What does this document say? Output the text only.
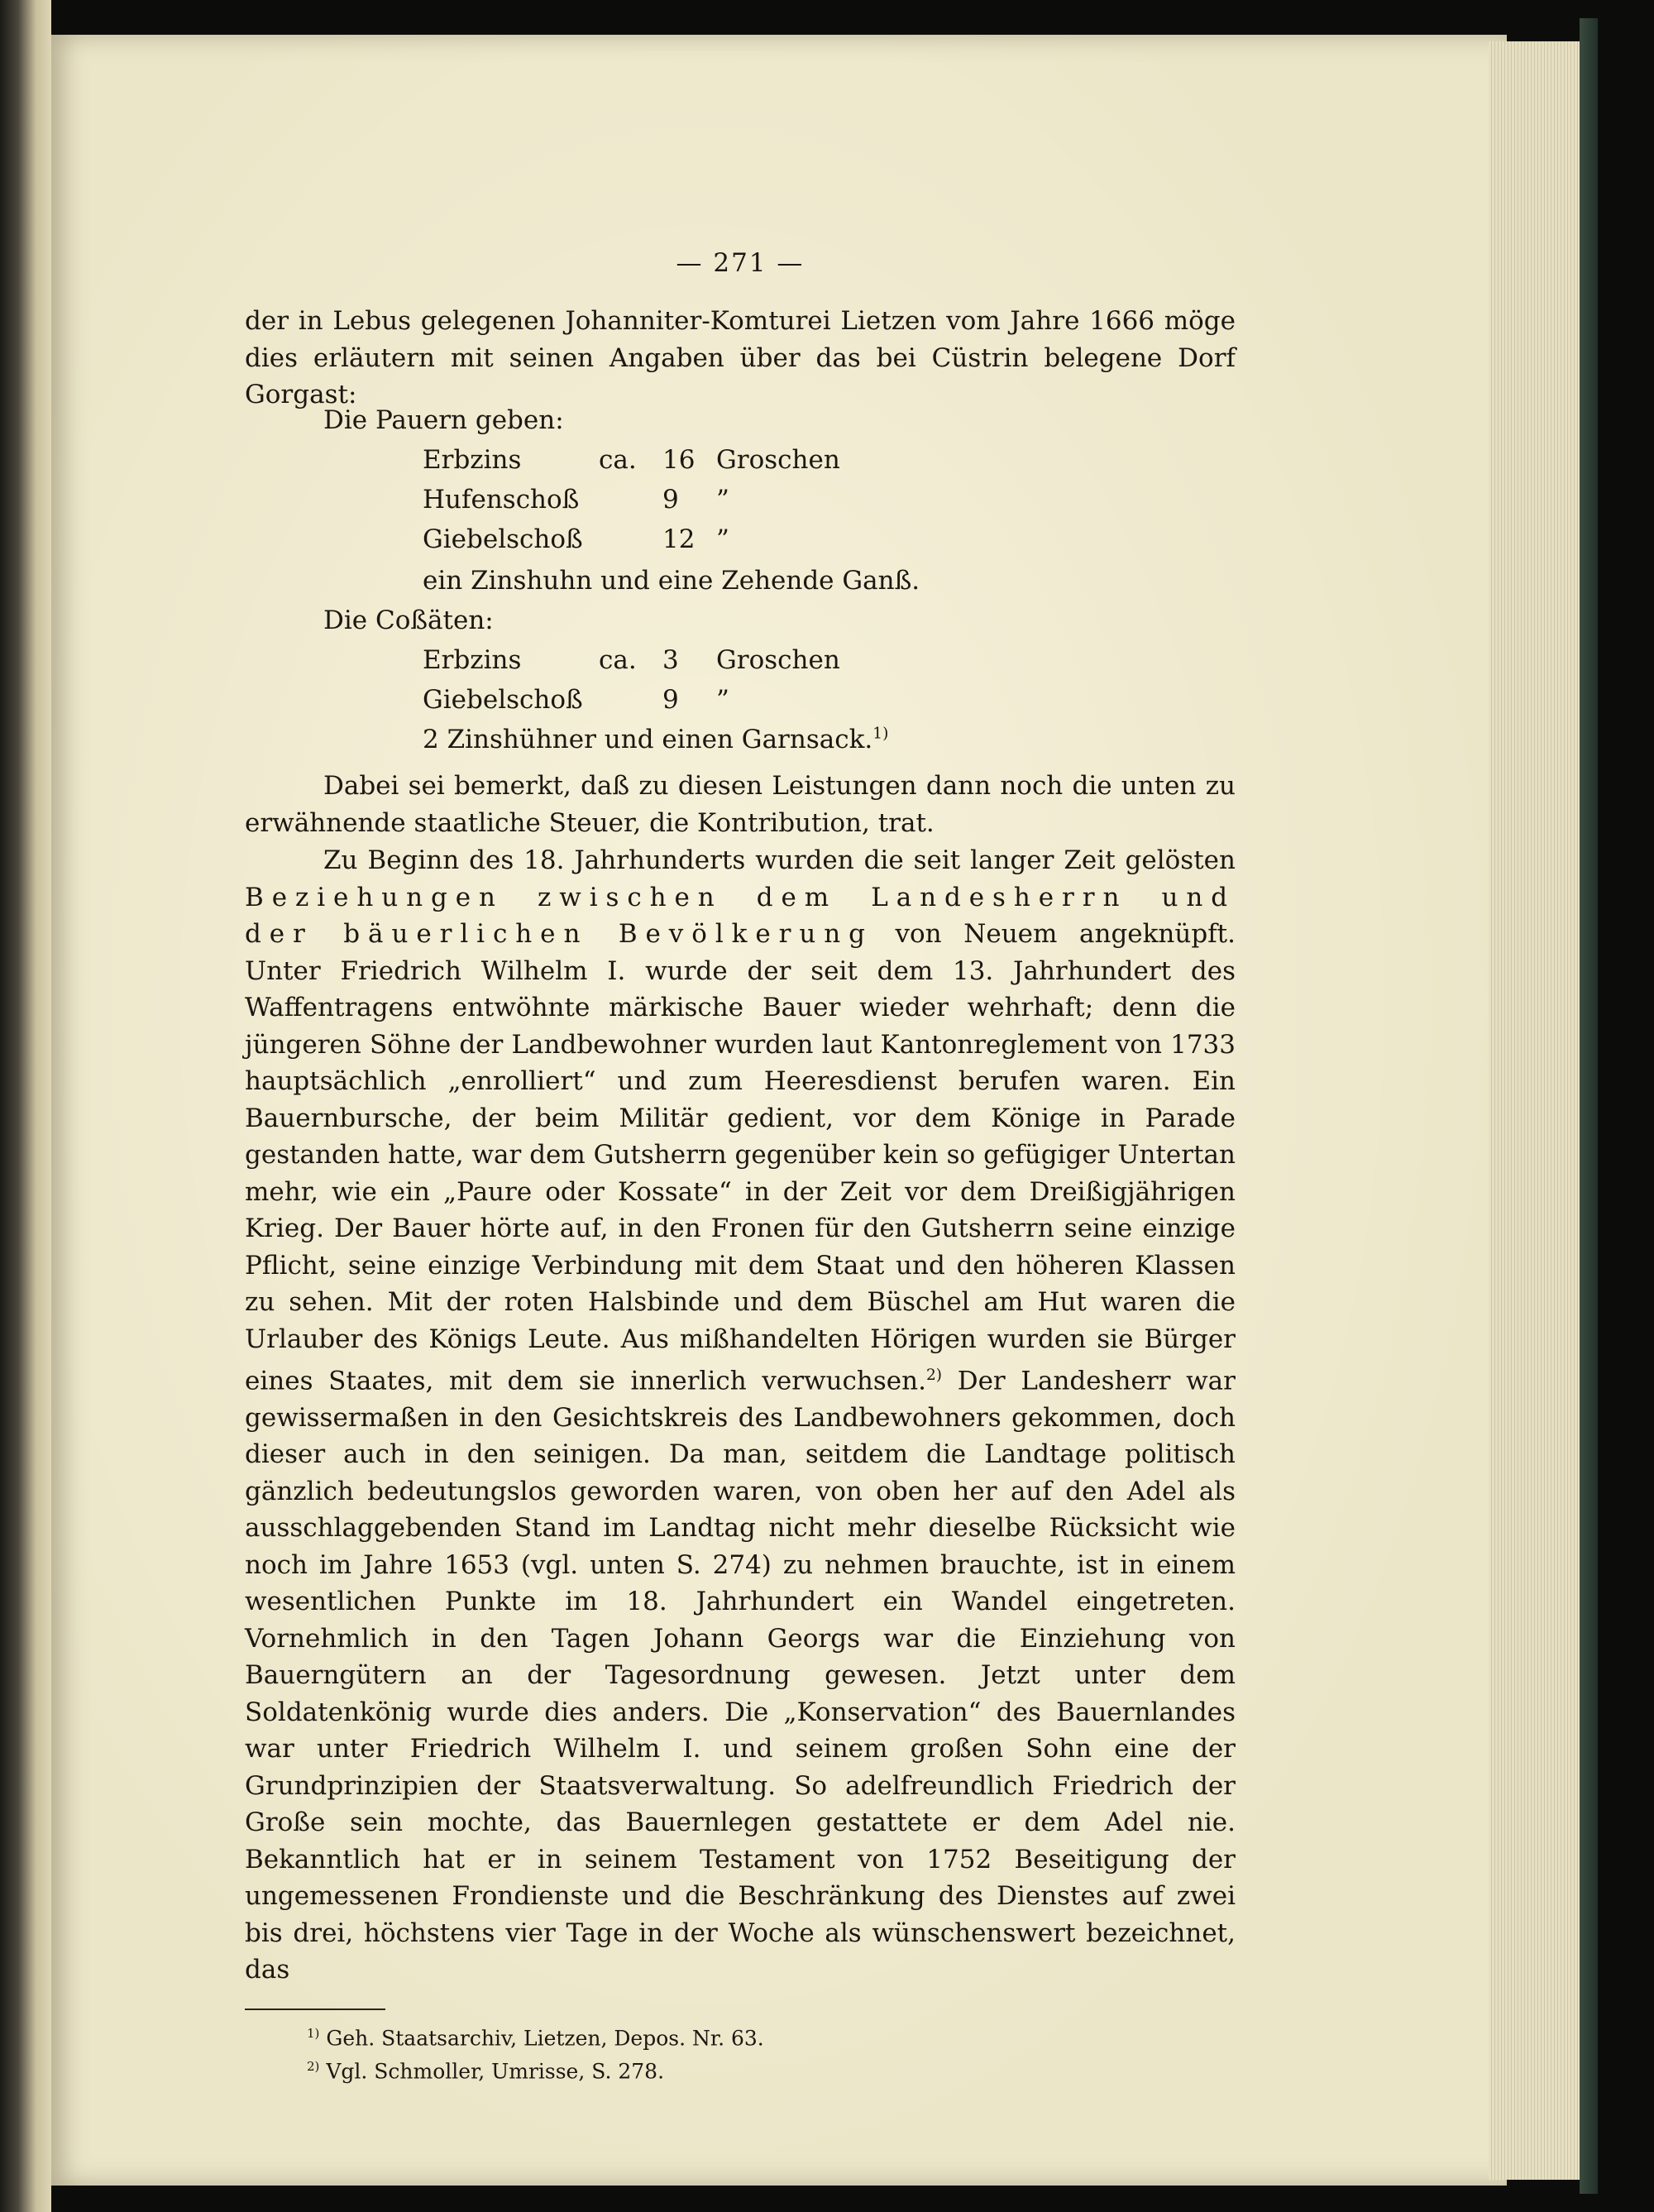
— 271 —
der in Lebus gelegenen Johanniter-Komturei Lietzen vom Jahre 1666 möge dies erläutern mit seinen Angaben über das bei Cüstrin belegene Dorf Gorgast:
Die Pauern geben:
Erbzins	ca. 16 Groschen
Hufenschoß	9 ”
Giebelschoß	12 ”
ein Zinshuhn und eine Zehende Ganß.
Die Coßäten:
Erbzins	ca. 3 Groschen
Giebelschoß	9 ”
2 Zinshühner und einen Garnsack.$^{1)}$
Dabei sei bemerkt, daß zu diesen Leistungen dann noch die unten zu erwähnende staatliche Steuer, die Kontribution, trat.
Zu Beginn des 18. Jahrhunderts wurden die seit langer Zeit gelösten Beziehungen zwischen dem Landesherrn und der bäuerlichen Bevölkerung von Neuem angeknüpft. Unter Friedrich Wilhelm I. wurde der seit dem 13. Jahrhundert des Waffentragens entwöhnte märkische Bauer wieder wehrhaft; denn die jüngeren Söhne der Landbewohner wurden laut Kantonreglement von 1733 hauptsächlich „enrolliert“ und zum Heeresdienst berufen waren. Ein Bauernbursche, der beim Militär gedient, vor dem Könige in Parade gestanden hatte, war dem Gutsherrn gegenüber kein so gefügiger Untertan mehr, wie ein „Paure oder Kossate“ in der Zeit vor dem Dreißigjährigen Krieg. Der Bauer hörte auf, in den Fronen für den Gutsherrn seine einzige Pflicht, seine einzige Verbindung mit dem Staat und den höheren Klassen zu sehen. Mit der roten Halsbinde und dem Büschel am Hut waren die Urlauber des Königs Leute. Aus mißhandelten Hörigen wurden sie Bürger eines Staates, mit dem sie innerlich verwuchsen.$^{2)}$ Der Landesherr war gewissermaßen in den Gesichtskreis des Landbewohners gekommen, doch dieser auch in den seinigen. Da man, seitdem die Landtage politisch gänzlich bedeutungslos geworden waren, von oben her auf den Adel als ausschlaggebenden Stand im Landtag nicht mehr dieselbe Rücksicht wie noch im Jahre 1653 (vgl. unten S. 274) zu nehmen brauchte, ist in einem wesentlichen Punkte im 18. Jahrhundert ein Wandel eingetreten. Vornehmlich in den Tagen Johann Georgs war die Einziehung von Bauerngütern an der Tagesordnung gewesen. Jetzt unter dem Soldatenkönig wurde dies anders. Die „Konservation“ des Bauernlandes war unter Friedrich Wilhelm I. und seinem großen Sohn eine der Grundprinzipien der Staatsverwaltung. So adelfreundlich Friedrich der Große sein mochte, das Bauernlegen gestattete er dem Adel nie. Bekanntlich hat er in seinem Testament von 1752 Beseitigung der ungemessenen Frondienste und die Beschränkung des Dienstes auf zwei bis drei, höchstens vier Tage in der Woche als wünschenswert bezeichnet, das
$^{1)}$ Geh. Staatsarchiv, Lietzen, Depos. Nr. 63.
$^{2)}$ Vgl. Schmoller, Umrisse, S. 278.
